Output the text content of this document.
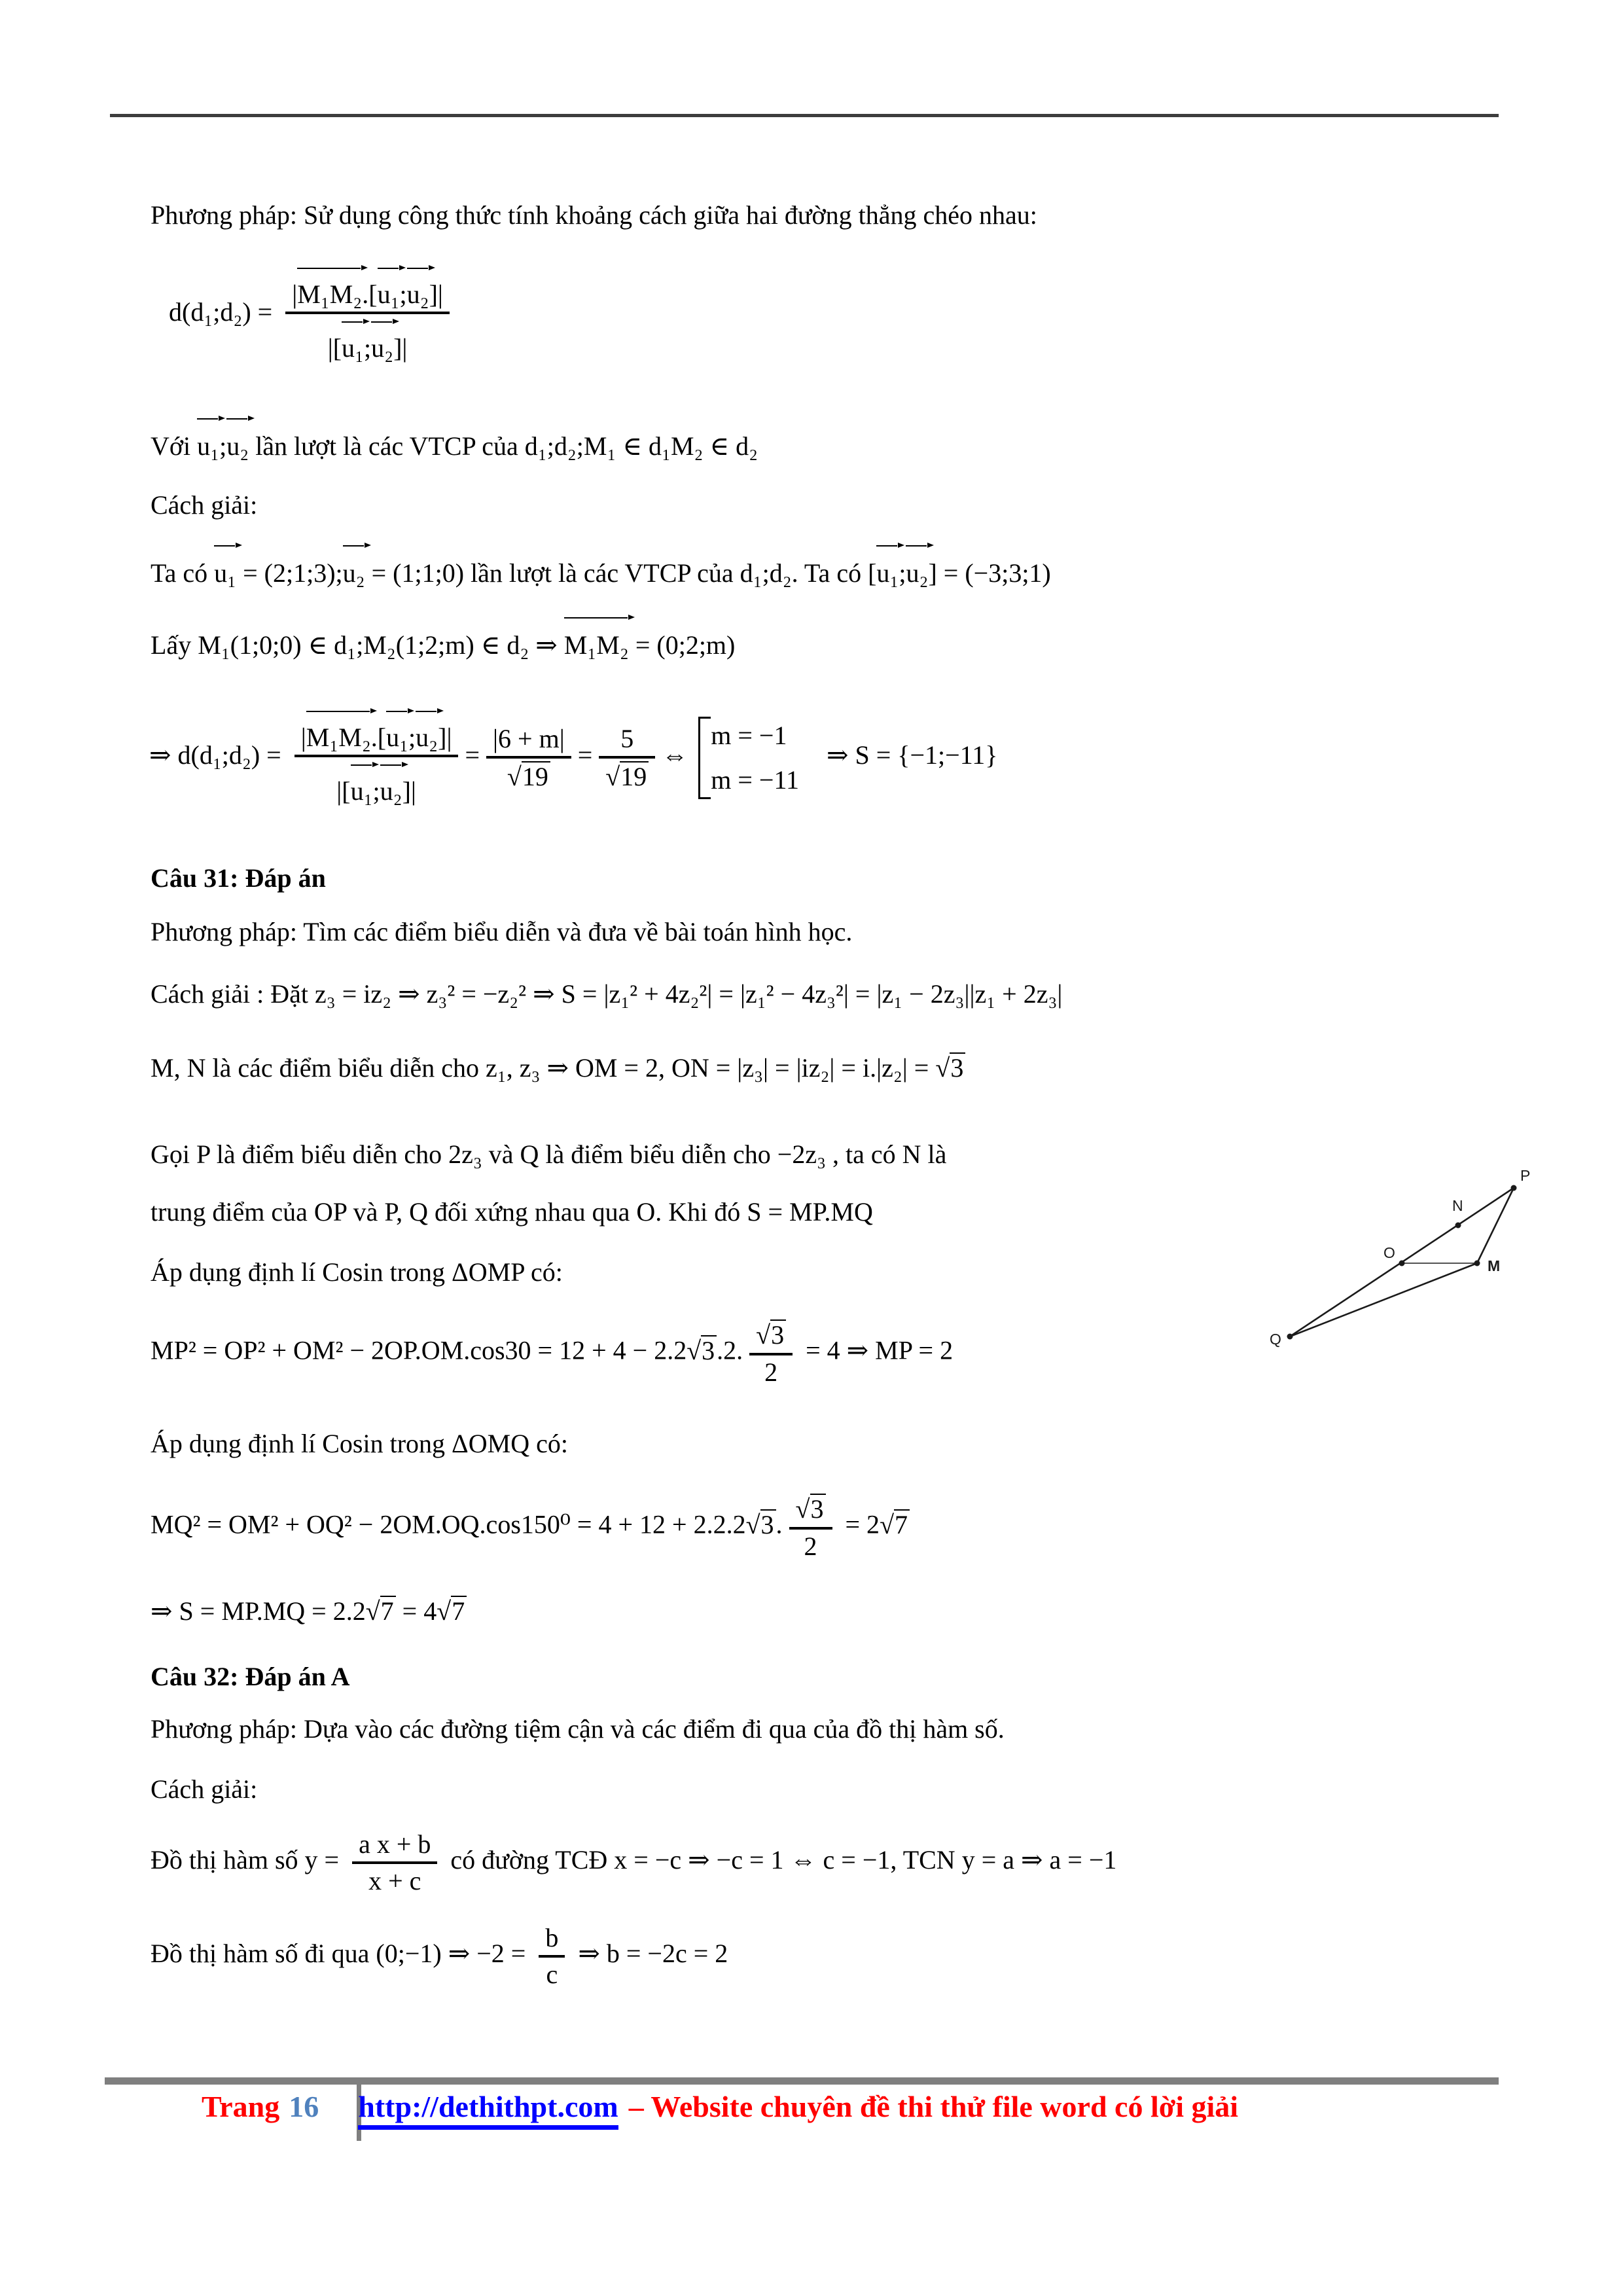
Phương pháp: Sử dụng công thức tính khoảng cách giữa hai đường thẳng chéo nhau:
d(d₁;d₂) = $\frac{\text{|M₁M₂.[u₁;u₂]|}}{\text{|[u₁;u₂]|}}$

Với u₁;u₂ lần lượt là các VTCP của d₁;d₂;M₁ ∈ d₁M₂ ∈ d₂

Cách giải:
Ta có u₁ = (2;1;3);u₂ = (1;1;0) lần lượt là các VTCP của d₁;d₂. Ta có [u₁;u₂] = (−3;3;1)

Lấy M₁(1;0;0) ∈ d₁;M₂(1;2;m) ∈ d₂ ⇒ M₁M₂ = (0;2;m)

⇒ d(d₁;d₂) = $\frac{\text{|M₁M₂.[u₁;u₂]|}}{\text{|[u₁;u₂]|}} = \frac{|6 + m|}{√19} = \frac{5}{√19}$ ⇔
m = −1
m = −11
⇒ S = {−1;−11}

Câu 31: Đáp án
Phương pháp: Tìm các điểm biểu diễn và đưa về bài toán hình học.
Cách giải : Đặt z₃ = iz₂ ⇒ z₃² = −z₂² ⇒ S = |z₁² + 4z₂²| = |z₁² − 4z₃²| = |z₁ − 2z₃||z₁ + 2z₃|
M, N là các điểm biểu diễn cho z₁, z₃ ⇒ OM = 2, ON = |z₃| = |iz₂| = i.|z₂| = √3

Gọi P là điểm biểu diễn cho 2z₃ và Q là điểm biểu diễn cho −2z₃ , ta có N là
trung điểm của OP và P, Q đối xứng nhau qua O. Khi đó S = MP.MQ
Áp dụng định lí Cosin trong ΔOMP có:
MP² = OP² + OM² − 2OP.OM.cos30 = 12 + 4 − 2.2√3.2. $\frac{√3}{2} = 4$ ⇒ MP = 2

Áp dụng định lí Cosin trong ΔOMQ có:
MQ² = OM² + OQ² − 2OM.OQ.cos150⁰ = 4 + 12 + 2.2.2√3. $\frac{√3}{2} = 2√7$

⇒ S = MP.MQ = 2.2√7 = 4√7

Câu 32: Đáp án A
Phương pháp: Dựa vào các đường tiệm cận và các điểm đi qua của đồ thị hàm số.
Cách giải:
Đồ thị hàm số $y = \frac{\text{a x + b}}{x + c}$ có đường TCĐ x = −c ⇒ −c = 1 ⇔ c = −1, TCN y = a ⇒ a = −1

Đồ thị hàm số đi qua (0;−1) ⇒ $-2 = \frac{b}{c}$ ⇒ b = −2c = 2

P
N
O
M
Q
Trang 16 http://dethithpt.com – Website chuyên đề thi thử file word có lời giải
